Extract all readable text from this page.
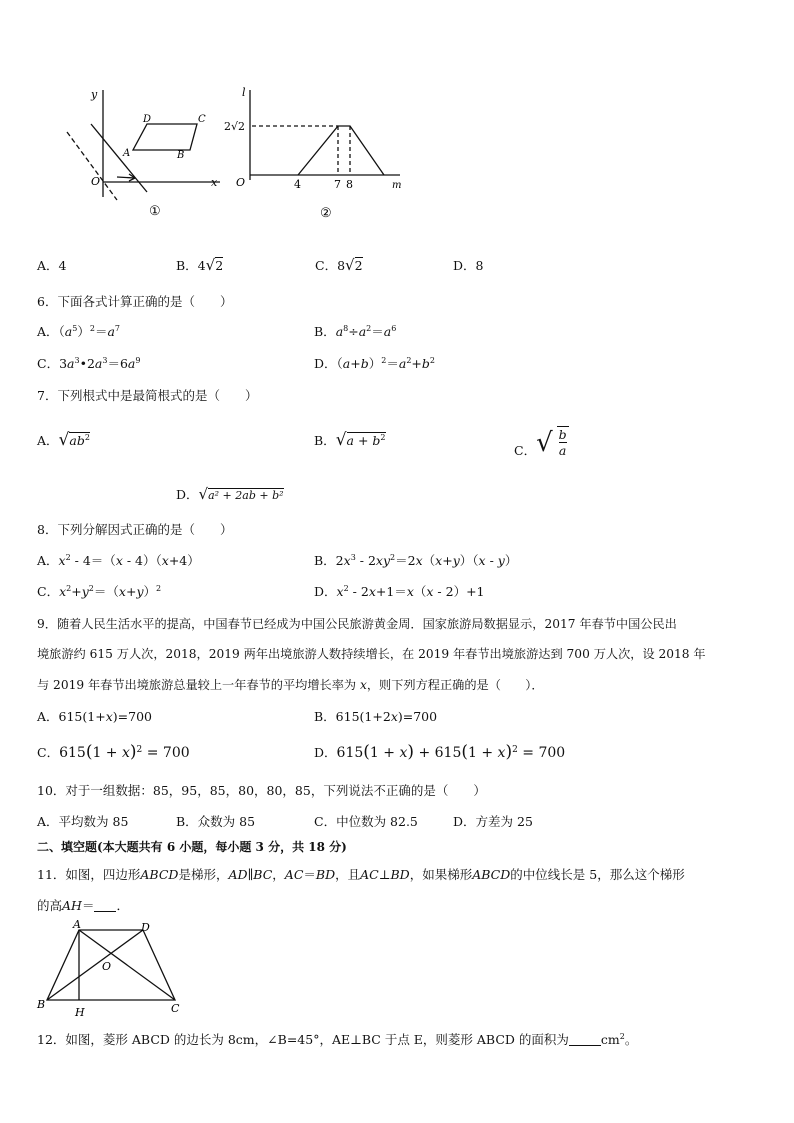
y
x
O
D	C
A	B
①
l
m
O
2√2
4	7 8
②
A．4	B．4√2	C．8√2	D．8
6．下面各式计算正确的是（　　）
A．$(a^5)^2=a^7$	B．$a^8\div a^2=a^6$
C．$3a^3•2a^3=6a^9$	D．$(a+b)^2=a^2+b^2$
7．下列根式中是最简根式的是（　　）
A．$√ab^2$	B．$√a + b^2$
C．√ $\frac{b}{a}$
D．√a² + 2ab + b²
8．下列分解因式正确的是（　　）
A．$x^2 - 4=(x - 4)(x+4)$	B．$2x^3 - 2xy^2=2x(x+y)(x - y)$
C．$x^2+y^2=(x+y)^2$	D．$x^2 - 2x+1=x(x - 2)+1$
9．随着人民生活水平的提高，中国春节已经成为中国公民旅游黄金周．国家旅游局数据显示，2017 年春节中国公民出
境旅游约 615 万人次，2018，2019 两年出境旅游人数持续增长，在 2019 年春节出境旅游达到 700 万人次，设 2018 年
与 2019 年春节出境旅游总量较上一年春节的平均增长率为 x，则下列方程正确的是（　　）．
A．615(1+x)=700	B．615(1+2x)=700
C．$615(1 + x)^2 = 700$	D．$615(1 + x) + 615(1 + x)^2 = 700$
10．对于一组数据：85，95，85，80，80，85，下列说法不正确的是（　　）
A．平均数为 85	B．众数为 85	C．中位数为 82.5	D．方差为 25
二、填空题(本大题共有 6 小题，每小题 3 分，共 18 分)
11．如图，四边形ABCD是梯形，AD∥BC，AC＝BD，且AC⊥BD，如果梯形ABCD的中位线长是 5，那么这个梯形
的高AH＝ ．
A	D
B	C
O
H
12．如图，菱形 ABCD 的边长为 8cm，∠B=45°，AE⊥BC 于点 E，则菱形 ABCD 的面积为	$cm^2$。
